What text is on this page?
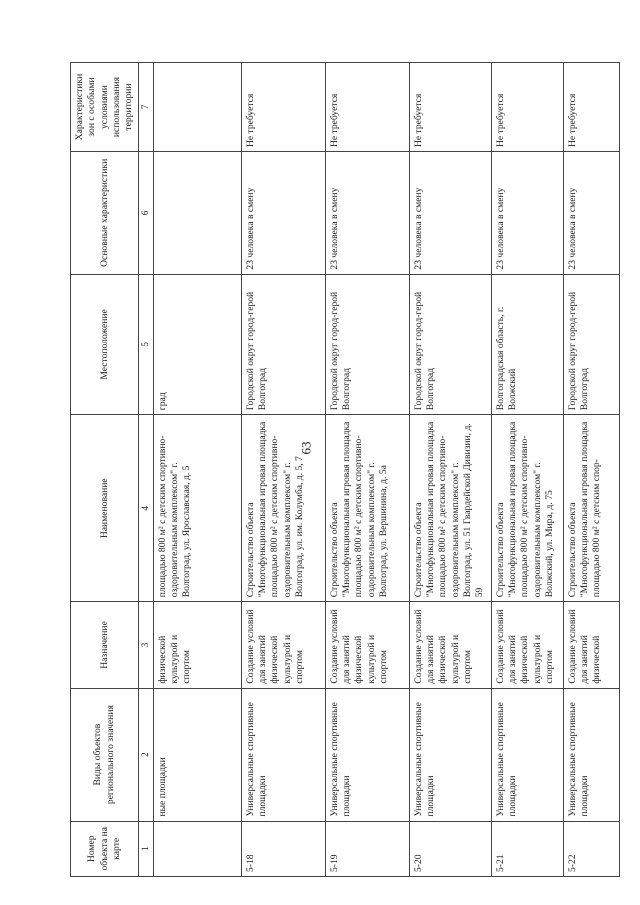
63
Номер объекта на карте	Виды объектов регионального значения	Назначение	Наименование	Местоположение	Основные характеристики	Характеристики зон с особыми условиями использования территории
1	2	3	4	5	6	7
	ные площадки	физической культурой и спортом	площадью 800 м² с детским спортивно-оздоровительным комплексом" г. Волгоград, ул. Ярославская, д. 5	град		
5-18	Универсальные спортивные площадки	Создание условий для занятий физической культурой и спортом	Строительство объекта "Многофункциональная игровая площадка площадью 800 м² с детским спортивно-оздоровительным комплексом" г. Волгоград, ул. им. Колумба, д. 5, 7	Городской округ город-герой Волгоград	23 человека в смену	Не требуется
5-19	Универсальные спортивные площадки	Создание условий для занятий физической культурой и спортом	Строительство объекта "Многофункциональная игровая площадка площадью 800 м² с детским спортивно-оздоровительным комплексом" г. Волгоград, ул. Вершинина, д. 5а	Городской округ город-герой Волгоград	23 человека в смену	Не требуется
5-20	Универсальные спортивные площадки	Создание условий для занятий физической культурой и спортом	Строительство объекта "Многофункциональная игровая площадка площадью 800 м² с детским спортивно-оздоровительным комплексом" г. Волгоград, ул. 51 Гвардейской Дивизии, д. 59	Городской округ город-герой Волгоград	23 человека в смену	Не требуется
5-21	Универсальные спортивные площадки	Создание условий для занятий физической культурой и спортом	Строительство объекта "Многофункциональная игровая площадка площадью 800 м² с детским спортивно-оздоровительным комплексом" г. Волжский, ул. Мира, д. 75	Волгоградская область, г. Волжский	23 человека в смену	Не требуется
5-22	Универсальные спортивные площадки	Создание условий для занятий физической	Строительство объекта "Многофункциональная игровая площадка площадью 800 м² с детским спор-	Городской округ город-герой Волгоград	23 человека в смену	Не требуется
